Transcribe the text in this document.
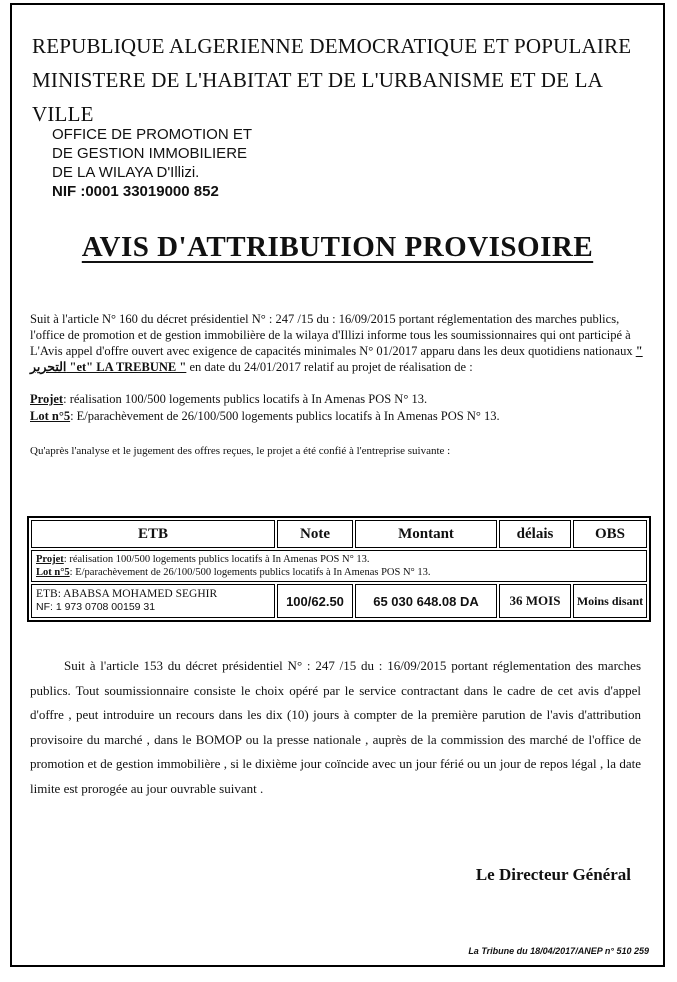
REPUBLIQUE ALGERIENNE DEMOCRATIQUE ET POPULAIRE
MINISTERE DE L'HABITAT ET DE L'URBANISME ET DE LA VILLE
OFFICE DE PROMOTION ET
DE GESTION IMMOBILIERE
DE LA WILAYA D'Illizi.
NIF :0001 33019000 852
AVIS D'ATTRIBUTION PROVISOIRE
Suit à l'article N° 160 du décret présidentiel N° : 247 /15 du : 16/09/2015 portant réglementation des marches publics, l'office de promotion et de gestion immobilière de la wilaya d'Illizi informe tous les soumissionnaires qui ont participé à L'Avis appel d'offre ouvert avec exigence de capacités minimales N° 01/2017 apparu dans les deux quotidiens nationaux " التحرير "et" LA TREBUNE " en date du 24/01/2017 relatif au projet de réalisation de :
Projet: réalisation 100/500 logements publics locatifs à In Amenas POS N° 13.
Lot n°5: E/parachèvement de 26/100/500 logements publics locatifs à In Amenas POS N° 13.
Qu'après l'analyse et le jugement des offres reçues, le projet a été confié à l'entreprise suivante :
ETB	Note	Montant	délais	OBS

Projet: réalisation 100/500 logements publics locatifs à In Amenas POS N° 13.
Lot n°5: E/parachèvement de 26/100/500 logements publics locatifs à In Amenas POS N° 13.				

ETB: ABABSA MOHAMED SEGHIR
NF: 1 973 0708 00159 31	100/62.50	65 030 648.08 DA	36 MOIS	Moins disant
Suit à l'article 153 du décret présidentiel N° : 247 /15 du : 16/09/2015 portant réglementation des marches publics. Tout soumissionnaire consiste le choix opéré par le service contractant dans le cadre de cet avis d'appel d'offre , peut introduire un recours dans les dix (10) jours à compter de la première parution de l'avis d'attribution provisoire du marché , dans le BOMOP ou la presse nationale , auprès de la commission des marché de l'office de promotion et de gestion immobilière , si le dixième jour coïncide avec un jour férié ou un jour de repos légal , la date limite est prorogée au jour ouvrable suivant .
Le Directeur Général
La Tribune du 18/04/2017/ANEP n° 510 259
